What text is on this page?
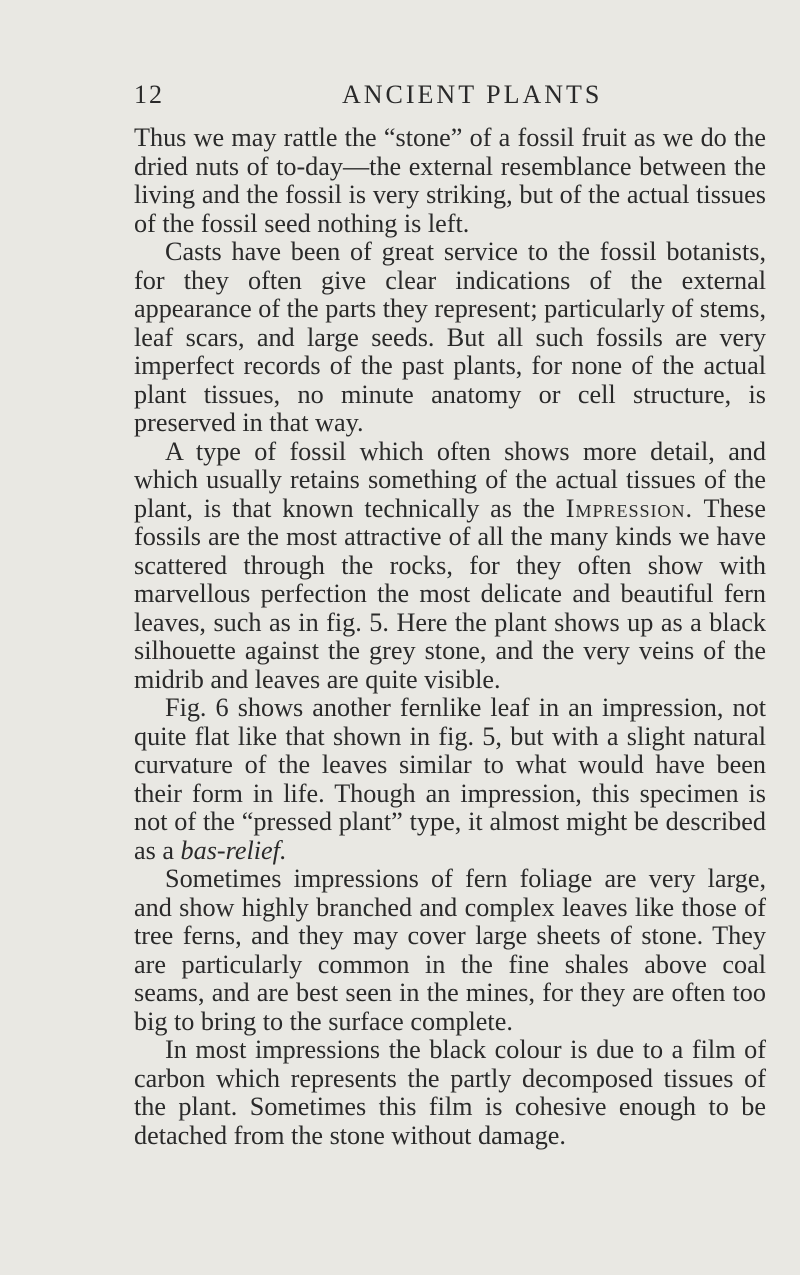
12	ANCIENT PLANTS

Thus we may rattle the “stone” of a fossil fruit as we do the dried nuts of to-day—the external resemblance between the living and the fossil is very striking, but of the actual tissues of the fossil seed nothing is left.

Casts have been of great service to the fossil botanists, for they often give clear indications of the external appearance of the parts they represent; particularly of stems, leaf scars, and large seeds. But all such fossils are very imperfect records of the past plants, for none of the actual plant tissues, no minute anatomy or cell structure, is preserved in that way.

A type of fossil which often shows more detail, and which usually retains something of the actual tissues of the plant, is that known technically as the Impression. These fossils are the most attractive of all the many kinds we have scattered through the rocks, for they often show with marvellous perfection the most delicate and beautiful fern leaves, such as in fig. 5. Here the plant shows up as a black silhouette against the grey stone, and the very veins of the midrib and leaves are quite visible.

Fig. 6 shows another fernlike leaf in an impression, not quite flat like that shown in fig. 5, but with a slight natural curvature of the leaves similar to what would have been their form in life. Though an impression, this specimen is not of the “pressed plant” type, it almost might be described as a bas-relief.

Sometimes impressions of fern foliage are very large, and show highly branched and complex leaves like those of tree ferns, and they may cover large sheets of stone. They are particularly common in the fine shales above coal seams, and are best seen in the mines, for they are often too big to bring to the surface complete.

In most impressions the black colour is due to a film of carbon which represents the partly decomposed tissues of the plant. Sometimes this film is cohesive enough to be detached from the stone without damage.
